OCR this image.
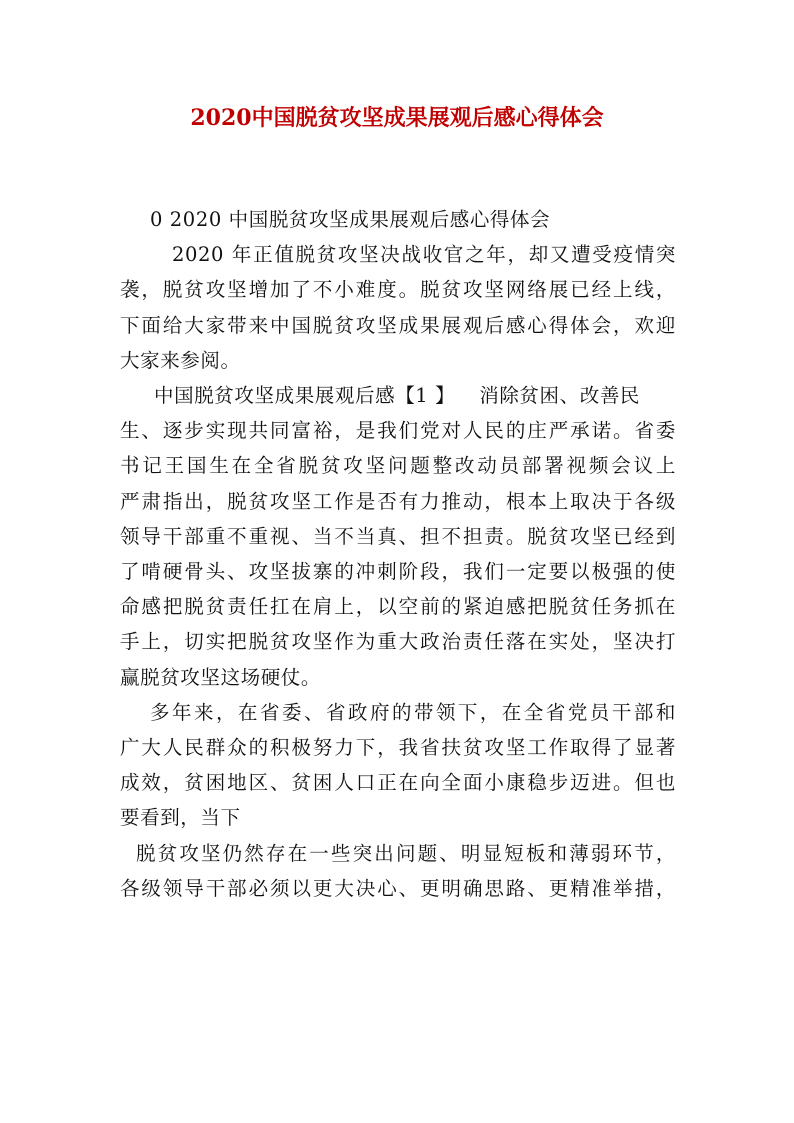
2020中国脱贫攻坚成果展观后感心得体会

0 2020 中国脱贫攻坚成果展观后感心得体会

2020 年正值脱贫攻坚决战收官之年，却又遭受疫情突
袭，脱贫攻坚增加了不小难度。脱贫攻坚网络展已经上线，
下面给大家带来中国脱贫攻坚成果展观后感心得体会，欢迎
大家来参阅。

中国脱贫攻坚成果展观后感【1 】 消除贫困、改善民
生、逐步实现共同富裕，是我们党对人民的庄严承诺。省委
书记王国生在全省脱贫攻坚问题整改动员部署视频会议上
严肃指出，脱贫攻坚工作是否有力推动，根本上取决于各级
领导干部重不重视、当不当真、担不担责。脱贫攻坚已经到
了啃硬骨头、攻坚拔寨的冲刺阶段，我们一定要以极强的使
命感把脱贫责任扛在肩上，以空前的紧迫感把脱贫任务抓在
手上，切实把脱贫攻坚作为重大政治责任落在实处，坚决打
赢脱贫攻坚这场硬仗。

多年来，在省委、省政府的带领下，在全省党员干部和
广大人民群众的积极努力下，我省扶贫攻坚工作取得了显著
成效，贫困地区、贫困人口正在向全面小康稳步迈进。但也
要看到，当下

脱贫攻坚仍然存在一些突出问题、明显短板和薄弱环节，
各级领导干部必须以更大决心、更明确思路、更精准举措，
